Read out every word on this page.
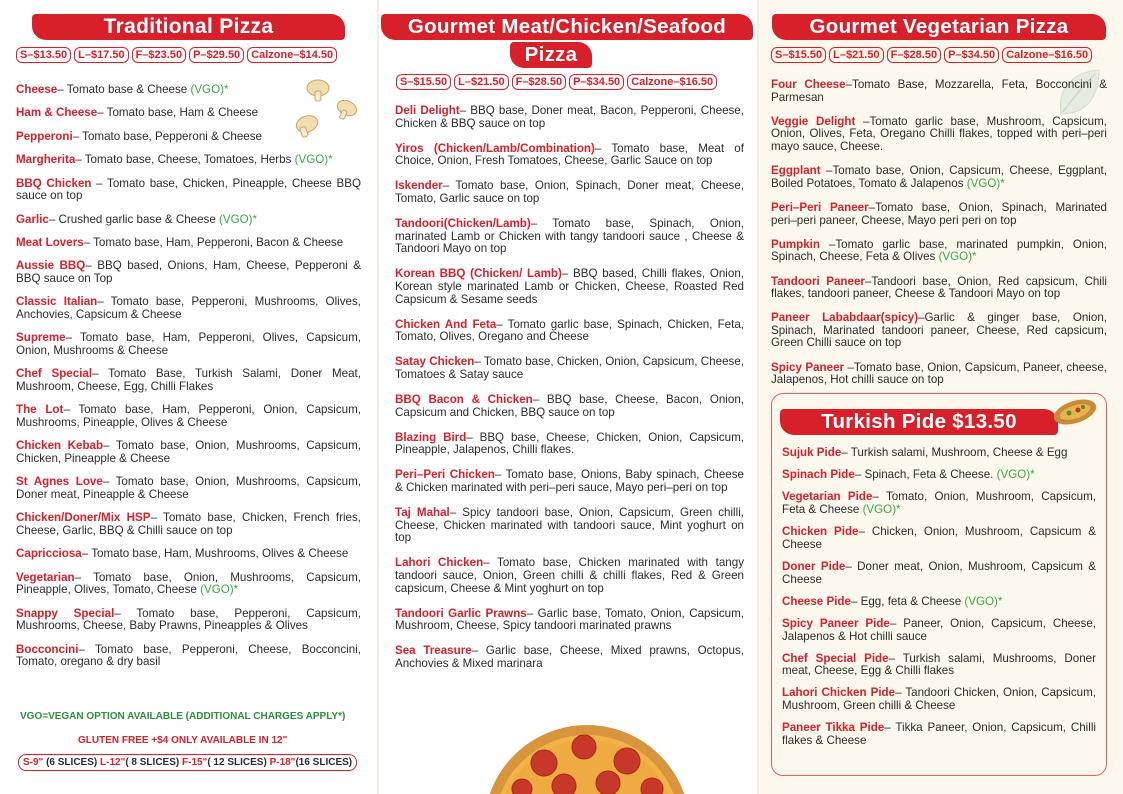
Traditional Pizza
S–$13.50 L–$17.50 F–$23.50 P–$29.50 Calzone–$14.50
Cheese– Tomato base & Cheese (VGO)*
Ham & Cheese– Tomato base, Ham & Cheese
Pepperoni– Tomato base, Pepperoni & Cheese
Margherita– Tomato base, Cheese, Tomatoes, Herbs (VGO)*
BBQ Chicken – Tomato base, Chicken, Pineapple, Cheese BBQ sauce on top
Garlic– Crushed garlic base & Cheese (VGO)*
Meat Lovers– Tomato base, Ham, Pepperoni, Bacon & Cheese
Aussie BBQ– BBQ based, Onions, Ham, Cheese, Pepperoni & BBQ sauce on Top
Classic Italian– Tomato base, Pepperoni, Mushrooms, Olives, Anchovies, Capsicum & Cheese
Supreme– Tomato base, Ham, Pepperoni, Olives, Capsicum, Onion, Mushrooms & Cheese
Chef Special– Tomato Base, Turkish Salami, Doner Meat, Mushroom, Cheese, Egg, Chilli Flakes
The Lot– Tomato base, Ham, Pepperoni, Onion, Capsicum, Mushrooms, Pineapple, Olives & Cheese
Chicken Kebab– Tomato base, Onion, Mushrooms, Capsicum, Chicken, Pineapple & Cheese
St Agnes Love– Tomato base, Onion, Mushrooms, Capsicum, Doner meat, Pineapple & Cheese
Chicken/Doner/Mix HSP– Tomato base, Chicken, French fries, Cheese, Garlic, BBQ & Chilli sauce on top
Capricciosa– Tomato base, Ham, Mushrooms, Olives & Cheese
Vegetarian– Tomato base, Onion, Mushrooms, Capsicum, Pineapple, Olives, Tomato, Cheese (VGO)*
Snappy Special– Tomato base, Pepperoni, Capsicum, Mushrooms, Cheese, Baby Prawns, Pineapples & Olives
Bocconcini– Tomato base, Pepperoni, Cheese, Bocconcini, Tomato, oregano & dry basil
VGO=VEGAN OPTION AVAILABLE (ADDITIONAL CHARGES APPLY*)
GLUTEN FREE +$4 ONLY AVAILABLE IN 12"
S-9" (6 SLICES) L-12"( 8 SLICES) F-15"( 12 SLICES) P-18"(16 SLICES)
Gourmet Meat/Chicken/Seafood
Pizza
S–$15.50 L–$21.50 F–$28.50 P–$34.50 Calzone–$16.50
Deli Delight– BBQ base, Doner meat, Bacon, Pepperoni, Cheese, Chicken & BBQ sauce on top
Yiros (Chicken/Lamb/Combination)– Tomato base, Meat of Choice, Onion, Fresh Tomatoes, Cheese, Garlic Sauce on top
Iskender– Tomato base, Onion, Spinach, Doner meat, Cheese, Tomato, Garlic sauce on top
Tandoori(Chicken/Lamb)– Tomato base, Spinach, Onion, marinated Lamb or Chicken with tangy tandoori sauce , Cheese & Tandoori Mayo on top
Korean BBQ (Chicken/ Lamb)– BBQ based, Chilli flakes, Onion, Korean style marinated Lamb or Chicken, Cheese, Roasted Red Capsicum & Sesame seeds
Chicken And Feta– Tomato garlic base, Spinach, Chicken, Feta, Tomato, Olives, Oregano and Cheese
Satay Chicken– Tomato base, Chicken, Onion, Capsicum, Cheese, Tomatoes & Satay sauce
BBQ Bacon & Chicken– BBQ base, Cheese, Bacon, Onion, Capsicum and Chicken, BBQ sauce on top
Blazing Bird– BBQ base, Cheese, Chicken, Onion, Capsicum, Pineapple, Jalapenos, Chilli flakes.
Peri–Peri Chicken– Tomato base, Onions, Baby spinach, Cheese & Chicken marinated with peri–peri sauce, Mayo peri–peri on top
Taj Mahal– Spicy tandoori base, Onion, Capsicum, Green chilli, Cheese, Chicken marinated with tandoori sauce, Mint yoghurt on top
Lahori Chicken– Tomato base, Chicken marinated with tangy tandoori sauce, Onion, Green chilli & chilli flakes, Red & Green capsicum, Cheese & Mint yoghurt on top
Tandoori Garlic Prawns– Garlic base, Tomato, Onion, Capsicum, Mushroom, Cheese, Spicy tandoori marinated prawns
Sea Treasure– Garlic base, Cheese, Mixed prawns, Octopus, Anchovies & Mixed marinara
Gourmet Vegetarian Pizza
S–$15.50 L–$21.50 F–$28.50 P–$34.50 Calzone–$16.50
Four Cheese–Tomato Base, Mozzarella, Feta, Bocconcini & Parmesan
Veggie Delight –Tomato garlic base, Mushroom, Capsicum, Onion, Olives, Feta, Oregano Chilli flakes, topped with peri–peri mayo sauce, Cheese.
Eggplant –Tomato base, Onion, Capsicum, Cheese, Eggplant, Boiled Potatoes, Tomato & Jalapenos (VGO)*
Peri–Peri Paneer–Tomato base, Onion, Spinach, Marinated peri–peri paneer, Cheese, Mayo peri peri on top
Pumpkin –Tomato garlic base, marinated pumpkin, Onion, Spinach, Cheese, Feta & Olives (VGO)*
Tandoori Paneer–Tandoori base, Onion, Red capsicum, Chili flakes, tandoori paneer, Cheese & Tandoori Mayo on top
Paneer Lababdaar(spicy)–Garlic & ginger base, Onion, Spinach, Marinated tandoori paneer, Cheese, Red capsicum, Green Chilli sauce on top
Spicy Paneer –Tomato base, Onion, Capsicum, Paneer, cheese, Jalapenos, Hot chilli sauce on top
Turkish Pide $13.50
Sujuk Pide– Turkish salami, Mushroom, Cheese & Egg
Spinach Pide– Spinach, Feta & Cheese. (VGO)*
Vegetarian Pide– Tomato, Onion, Mushroom, Capsicum, Feta & Cheese (VGO)*
Chicken Pide– Chicken, Onion, Mushroom, Capsicum & Cheese
Doner Pide– Doner meat, Onion, Mushroom, Capsicum & Cheese
Cheese Pide– Egg, feta & Cheese (VGO)*
Spicy Paneer Pide– Paneer, Onion, Capsicum, Cheese, Jalapenos & Hot chilli sauce
Chef Special Pide– Turkish salami, Mushrooms, Doner meat, Cheese, Egg & Chilli flakes
Lahori Chicken Pide– Tandoori Chicken, Onion, Capsicum, Mushroom, Green chilli & Cheese
Paneer Tikka Pide– Tikka Paneer, Onion, Capsicum, Chilli flakes & Cheese
